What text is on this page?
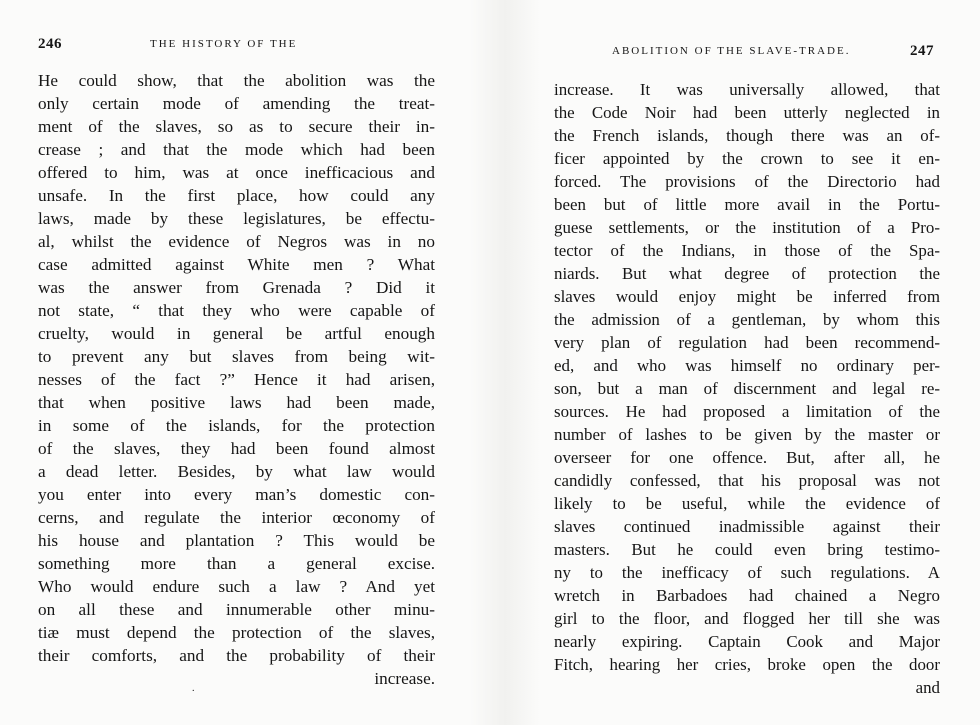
246	THE HISTORY OF THE
He could show, that the abolition was the
only certain mode of amending the treat-
ment of the slaves, so as to secure their in-
crease ; and that the mode which had been
offered to him, was at once inefficacious and
unsafe. In the first place, how could any
laws, made by these legislatures, be effectu-
al, whilst the evidence of Negros was in no
case admitted against White men ? What
was the answer from Grenada ? Did it
not state, “ that they who were capable of
cruelty, would in general be artful enough
to prevent any but slaves from being wit-
nesses of the fact ?” Hence it had arisen,
that when positive laws had been made,
in some of the islands, for the protection
of the slaves, they had been found almost
a dead letter. Besides, by what law would
you enter into every man’s domestic con-
cerns, and regulate the interior œconomy of
his house and plantation ? This would be
something more than a general excise.
Who would endure such a law ? And yet
on all these and innumerable other minu-
tiæ must depend the protection of the slaves,
their comforts, and the probability of their
increase.
.
ABOLITION OF THE SLAVE-TRADE.	247
increase. It was universally allowed, that
the Code Noir had been utterly neglected in
the French islands, though there was an of-
ficer appointed by the crown to see it en-
forced. The provisions of the Directorio had
been but of little more avail in the Portu-
guese settlements, or the institution of a Pro-
tector of the Indians, in those of the Spa-
niards. But what degree of protection the
slaves would enjoy might be inferred from
the admission of a gentleman, by whom this
very plan of regulation had been recommend-
ed, and who was himself no ordinary per-
son, but a man of discernment and legal re-
sources. He had proposed a limitation of the
number of lashes to be given by the master or
overseer for one offence. But, after all, he
candidly confessed, that his proposal was not
likely to be useful, while the evidence of
slaves continued inadmissible against their
masters. But he could even bring testimo-
ny to the inefficacy of such regulations. A
wretch in Barbadoes had chained a Negro
girl to the floor, and flogged her till she was
nearly expiring. Captain Cook and Major
Fitch, hearing her cries, broke open the door
and
